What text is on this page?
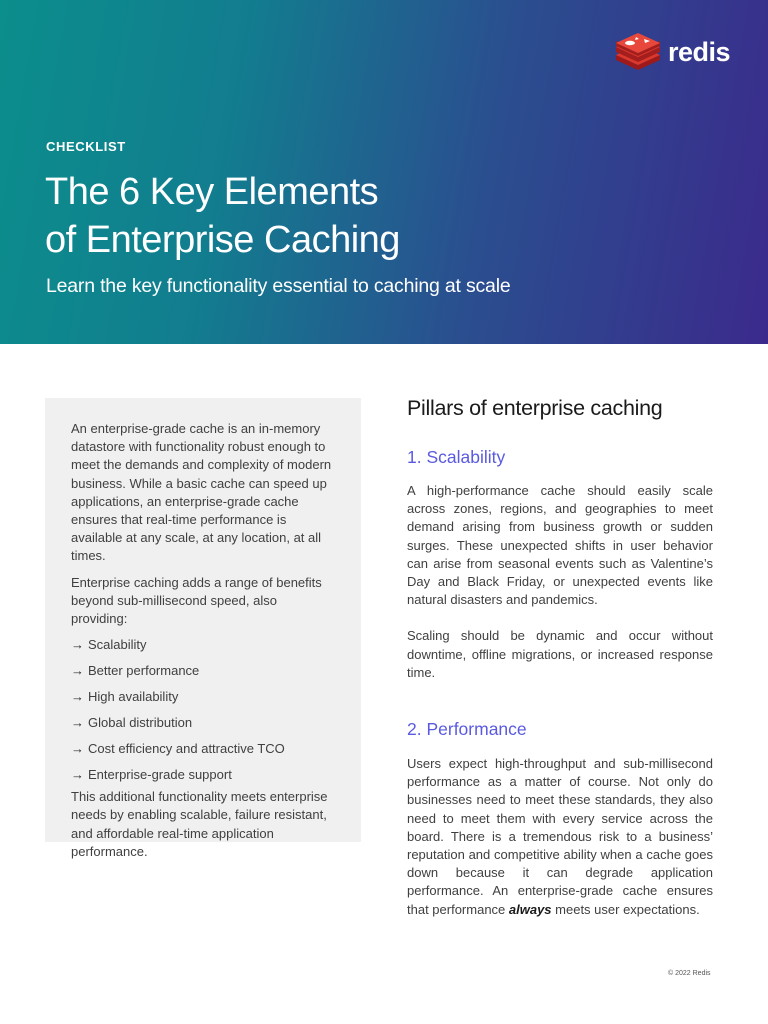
redis
CHECKLIST
The 6 Key Elements
of Enterprise Caching
Learn the key functionality essential to caching at scale

An enterprise-grade cache is an in-memory datastore with functionality robust enough to meet the demands and complexity of modern business. While a basic cache can speed up applications, an enterprise-grade cache ensures that real-time performance is available at any scale, at any location, at all times.

Enterprise caching adds a range of benefits beyond sub-millisecond speed, also providing:

→ Scalability
→ Better performance
→ High availability
→ Global distribution
→ Cost efficiency and attractive TCO
→ Enterprise-grade support

This additional functionality meets enterprise needs by enabling scalable, failure resistant, and affordable real-time application performance.

Pillars of enterprise caching
1. Scalability

A high-performance cache should easily scale across zones, regions, and geographies to meet demand arising from business growth or sudden surges. These unexpected shifts in user behavior can arise from seasonal events such as Valentine’s Day and Black Friday, or unexpected events like natural disasters and pandemics.

Scaling should be dynamic and occur without downtime, offline migrations, or increased response time.

2. Performance

Users expect high-throughput and sub-millisecond performance as a matter of course. Not only do businesses need to meet these standards, they also need to meet them with every service across the board. There is a tremendous risk to a business’ reputation and competitive ability when a cache goes down because it can degrade application performance. An enterprise-grade cache ensures that performance always meets user expectations.

© 2022 Redis
